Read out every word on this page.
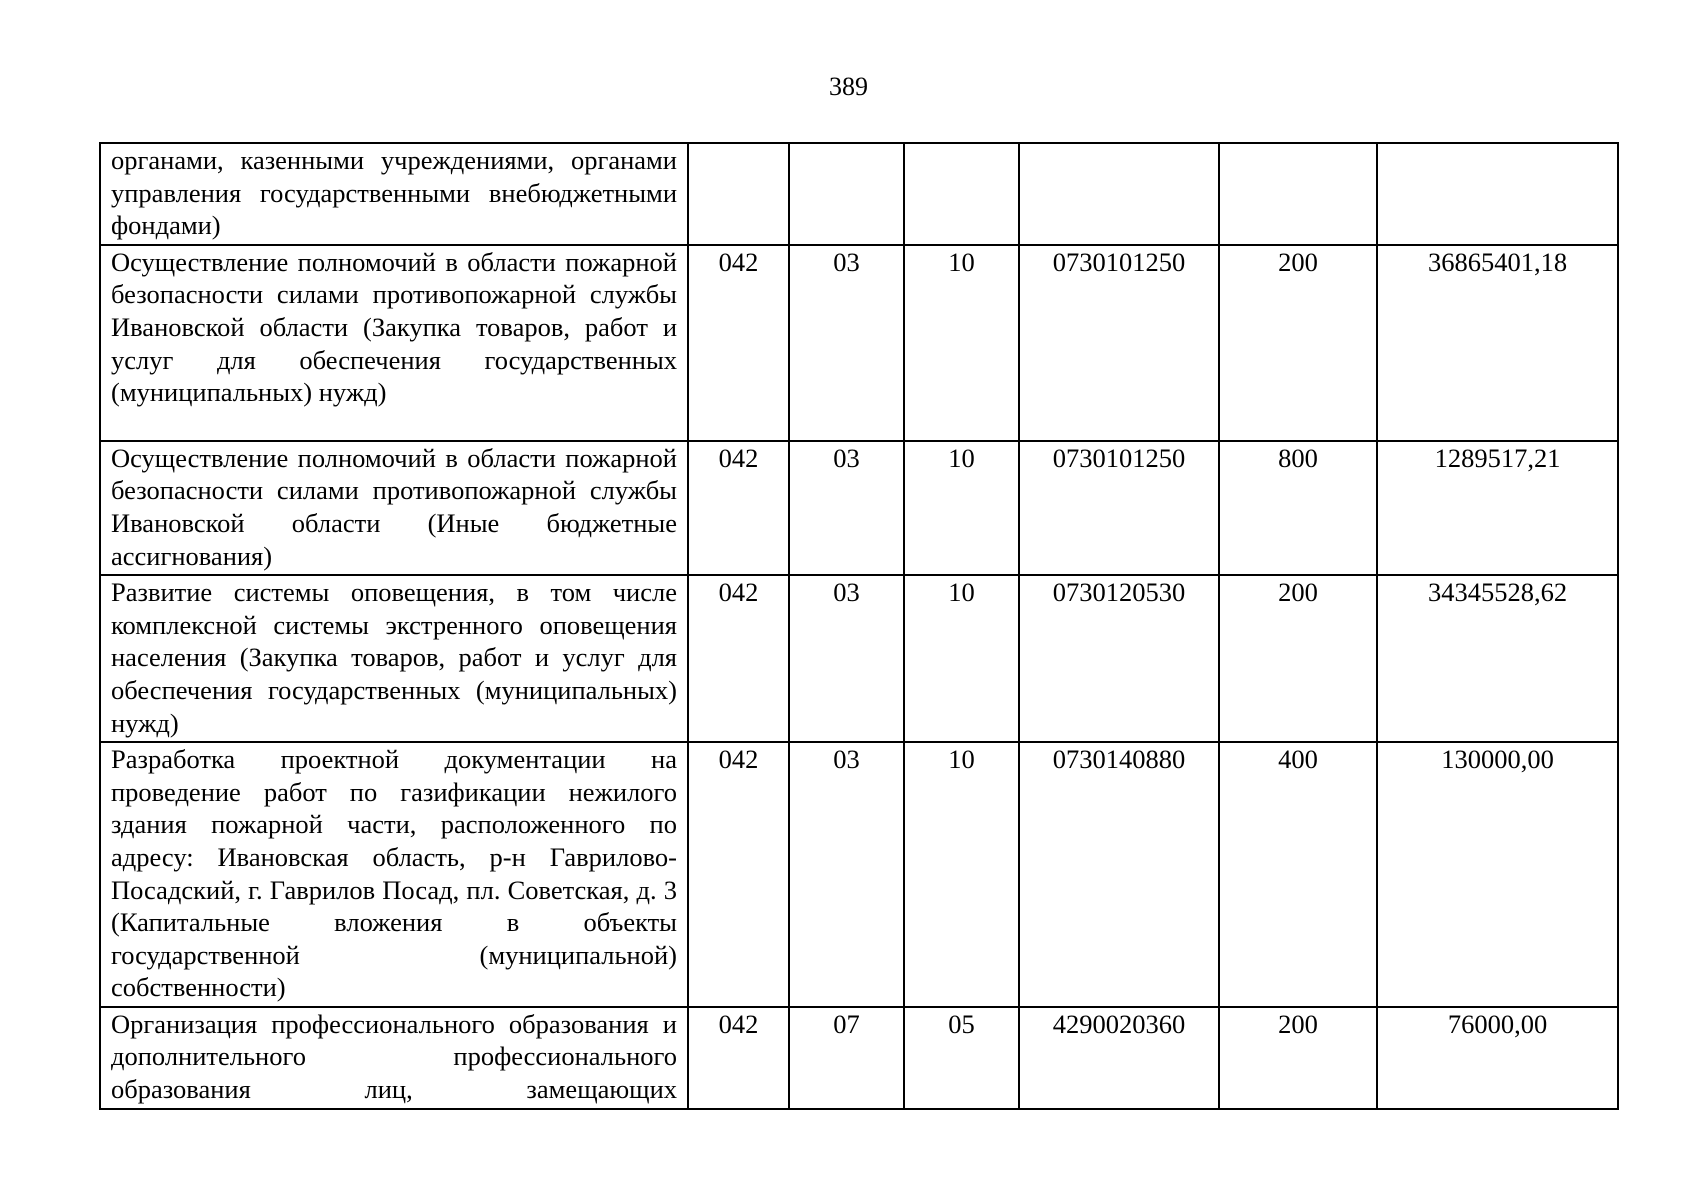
389
органами, казенными учреждениями, органами управления государственными внебюджетными фондами)						
Осуществление полномочий в области пожарной безопасности силами противопожарной службы Ивановской области (Закупка товаров, работ и услуг для обеспечения государственных (муниципальных) нужд)	042	03	10	0730101250	200	36865401,18
Осуществление полномочий в области пожарной безопасности силами противопожарной службы Ивановской области (Иные бюджетные ассигнования)	042	03	10	0730101250	800	1289517,21
Развитие системы оповещения, в том числе комплексной системы экстренного оповещения населения (Закупка товаров, работ и услуг для обеспечения государственных (муниципальных) нужд)	042	03	10	0730120530	200	34345528,62
Разработка проектной документации на проведение работ по газификации нежилого здания пожарной части, расположенного по адресу: Ивановская область, р-н Гаврилово-Посадский, г. Гаврилов Посад, пл. Советская, д. 3 (Капитальные вложения в объекты государственной (муниципальной) собственности)	042	03	10	0730140880	400	130000,00
Организация профессионального образования и дополнительного профессионального образования лиц, замещающих	042	07	05	4290020360	200	76000,00
